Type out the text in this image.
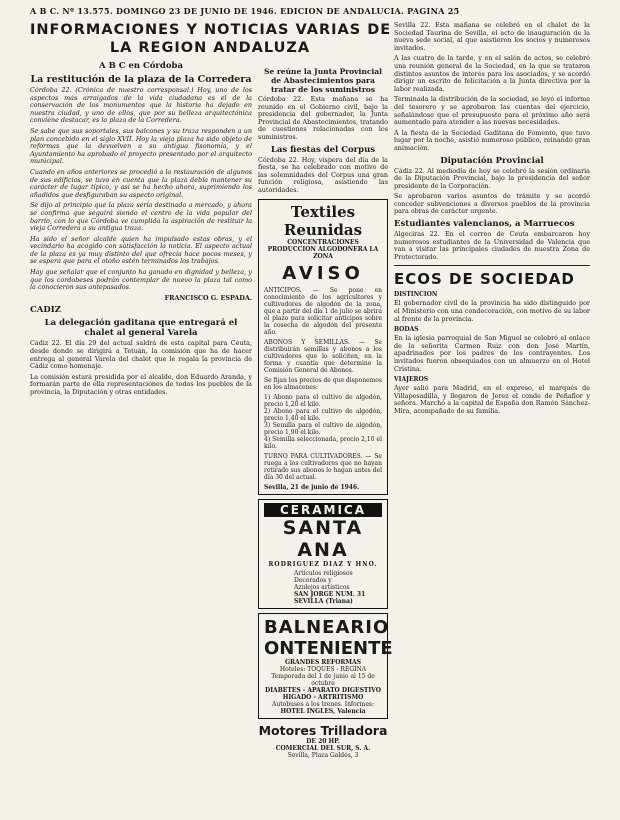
A B C. Nº 13.575. DOMINGO 23 DE JUNIO DE 1946. EDICION DE ANDALUCIA. PAGINA 25
INFORMACIONES Y NOTICIAS VARIAS DE
LA REGION ANDALUZA
A B C en Córdoba
La restitución de la plaza de la Corredera

Córdoba 22. (Crónica de nuestro corresponsal.) Hoy, uno de los aspectos más arraigados de la vida ciudadana es el de la conservación de los monumentos que la historia ha dejado en nuestra ciudad, y uno de ellos, que por su belleza arquitectónica conviene destacar, es la plaza de la Corredera.

Se sabe que sus soportales, sus balcones y su traza responden a un plan concebido en el siglo XVII. Hoy la vieja plaza ha sido objeto de reformas que la devuelven a su antigua fisonomía, y el Ayuntamiento ha aprobado el proyecto presentado por el arquitecto municipal.

Cuando en años anteriores se procedió a la restauración de algunos de sus edificios, se tuvo en cuenta que la plaza debía mantener su carácter de lugar típico, y así se ha hecho ahora, suprimiendo los añadidos que desfiguraban su aspecto original.

Se dijo al principio que la plaza sería destinada a mercado, y ahora se confirma que seguirá siendo el centro de la vida popular del barrio, con lo que Córdoba ve cumplida la aspiración de restituir la vieja Corredera a su antigua traza.

Ha sido el señor alcalde quien ha impulsado estas obras, y el vecindario ha acogido con satisfacción la noticia. El aspecto actual de la plaza es ya muy distinto del que ofrecía hace pocos meses, y se espera que para el otoño estén terminados los trabajos.

Hay que señalar que el conjunto ha ganado en dignidad y belleza, y que los cordobeses podrán contemplar de nuevo la plaza tal como la conocieron sus antepasados.

FRANCISCO G. ESPADA.

CADIZ
La delegación gaditana que entregará el chalet al general Varela

Cádiz 22. El día 29 del actual saldrá de esta capital para Ceuta, desde donde se dirigirá a Tetuán, la comisión que ha de hacer entrega al general Varela del chalet que le regala la provincia de Cádiz como homenaje.

La comisión estará presidida por el alcalde, don Eduardo Aranda, y formarán parte de ella representaciones de todos los pueblos de la provincia, la Diputación y otras entidades.

Se reúne la Junta Provincial de Abastecimientos para tratar de los suministros

Córdoba 22. Esta mañana se ha reunido en el Gobierno civil, bajo la presidencia del gobernador, la Junta Provincial de Abastecimientos, tratando de cuestiones relacionadas con los suministros.

Las fiestas del Corpus

Córdoba 22. Hoy, víspera del día de la fiesta, se ha celebrado con motivo de las solemnidades del Corpus una gran función religiosa, asistiendo las autoridades.

Textiles Reunidas
CONCENTRACIONES PRODUCCION ALGODONERA LA ZONA
AVISO

ANTICIPOS. — Se pone en conocimiento de los agricultores y cultivadores de algodón de la zona, que a partir del día 1 de julio se abrirá el plazo para solicitar anticipos sobre la cosecha de algodón del presente año.

ABONOS Y SEMILLAS. — Se distribuirán semillas y abonos a los cultivadores que lo soliciten, en la forma y cuantía que determine la Comisión General de Abonos.

Se fijan los precios de que disponemos en los almacenes:

1) Abono para el cultivo de algodón, precio 1,20 el kilo.

2) Abono para el cultivo de algodón, precio 1,40 el kilo.

3) Semilla para el cultivo de algodón, precio 1,90 el kilo.

4) Semilla seleccionada, precio 2,10 el kilo.

TURNO PARA CULTIVADORES. — Se ruega a los cultivadores que no hayan retirado sus abonos lo hagan antes del día 30 del actual.

Sevilla, 21 de junio de 1946.

CERAMICA
SANTA ANA
RODRIGUEZ DIAZ Y HNO.
Artículos religiosos
Decorados y
Azulejos artísticos
SAN JORGE NUM. 31
SEVILLA (Triana)
BALNEARIO
ONTENIENTE
GRANDES REFORMAS
Hoteles: TOQUES - REGINA
Temporada del 1 de junio al 15 de octubre
DIABETES - APARATO DIGESTIVO
HIGADO - ARTRITISMO
Autobuses a los trenes. Informes:
HOTEL INGLES, Valencia
Motores Trilladora
DE 20 HP.
COMERCIAL DEL SUR, S. A.
Sevilla, Plaza Galdós, 3

Sevilla 22. Esta mañana se celebró en el chalet de la Sociedad Taurina de Sevilla, el acto de inauguración de la nueva sede social, al que asistieron los socios y numerosos invitados.

A las cuatro de la tarde, y en el salón de actos, se celebró una reunión general de la Sociedad, en la que se trataron distintos asuntos de interés para los asociados, y se acordó dirigir un escrito de felicitación a la Junta directiva por la labor realizada.

Terminada la distribución de la sociedad, se leyó el informe del tesorero y se aprobaron las cuentas del ejercicio, señalándose que el presupuesto para el próximo año será aumentado para atender a las nuevas necesidades.

A la fiesta de la Sociedad Gaditana de Fomento, que tuvo lugar por la noche, asistió numeroso público, reinando gran animación.

Diputación Provincial

Cádiz 22. Al mediodía de hoy se celebró la sesión ordinaria de la Diputación Provincial, bajo la presidencia del señor presidente de la Corporación.

Se aprobaron varios asuntos de trámite y se acordó conceder subvenciones a diversos pueblos de la provincia para obras de carácter urgente.

Estudiantes valencianos, a Marruecos

Algeciras 22. En el correo de Ceuta embarcaron hoy numerosos estudiantes de la Universidad de Valencia que van a visitar las principales ciudades de nuestra Zona de Protectorado.

ECOS DE SOCIEDAD
DISTINCION

El gobernador civil de la provincia ha sido distinguido por el Ministerio con una condecoración, con motivo de su labor al frente de la provincia.

BODAS

En la iglesia parroquial de San Miguel se celebró el enlace de la señorita Carmen Ruiz con don José Martín, apadrinados por los padres de los contrayentes. Los invitados fueron obsequiados con un almuerzo en el Hotel Cristina.

VIAJEROS

Ayer salió para Madrid, en el expreso, el marqués de Villapesadilla, y llegaron de Jerez el conde de Peñaflor y señora. Marchó a la capital de España don Ramón Sánchez-Mira, acompañado de su familia.
